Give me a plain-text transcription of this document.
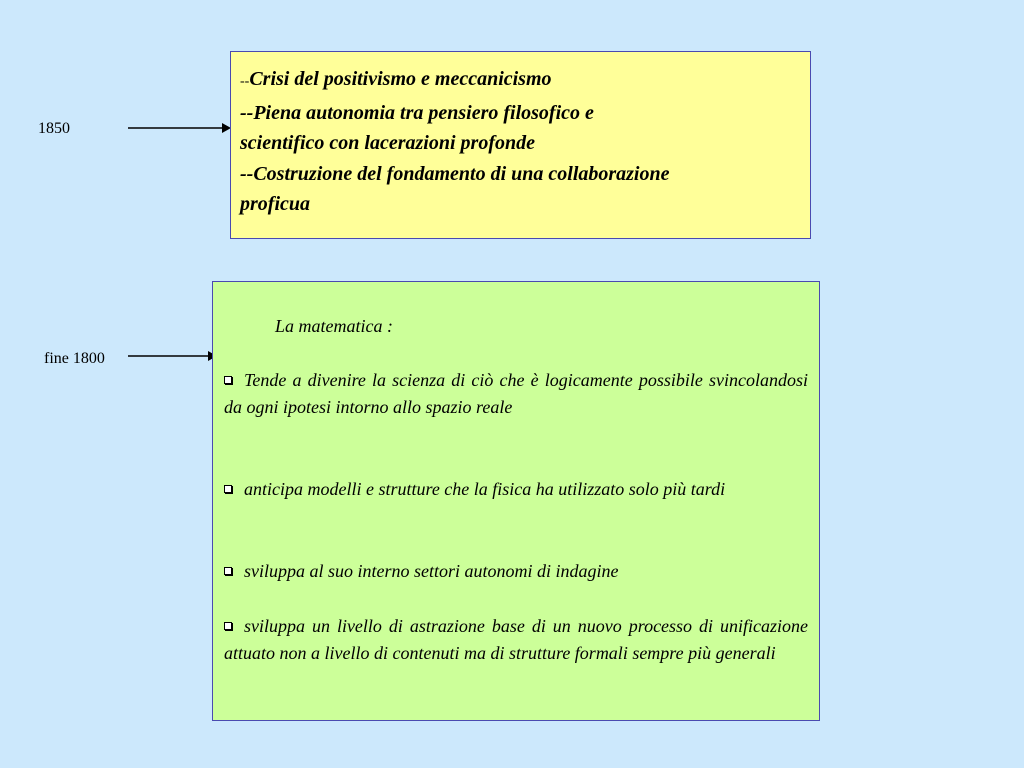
1850
--Crisi del positivismo e meccanicismo
--Piena autonomia tra pensiero filosofico e
scientifico con lacerazioni profonde
--Costruzione del fondamento di una collaborazione
proficua
fine 1800
La matematica :
Tende a divenire la scienza di ciò che è logicamente possibile svincolandosi da ogni ipotesi intorno allo spazio reale
anticipa modelli e strutture che la fisica ha utilizzato solo più tardi
sviluppa al suo interno settori autonomi di indagine
sviluppa un livello di astrazione base di un nuovo processo di unificazione attuato non a livello di contenuti ma di strutture formali sempre più generali
